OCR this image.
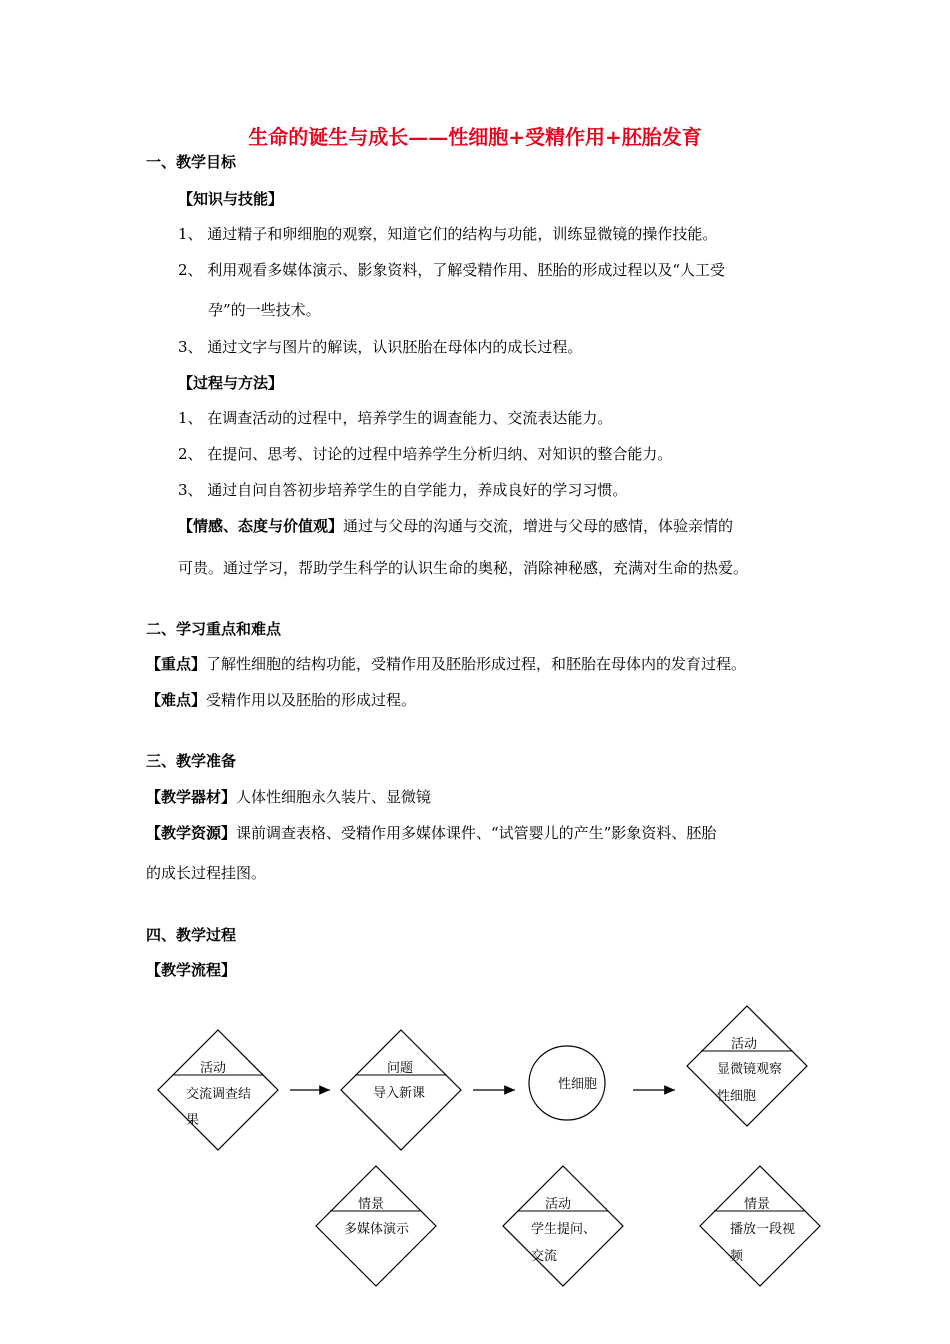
生命的诞生与成长——性细胞+受精作用+胚胎发育
一、教学目标
【知识与技能】
1、 通过精子和卵细胞的观察，知道它们的结构与功能，训练显微镜的操作技能。
2、 利用观看多媒体演示、影象资料，了解受精作用、胚胎的形成过程以及“人工受
孕”的一些技术。
3、 通过文字与图片的解读，认识胚胎在母体内的成长过程。
【过程与方法】
1、 在调查活动的过程中，培养学生的调查能力、交流表达能力。
2、 在提问、思考、讨论的过程中培养学生分析归纳、对知识的整合能力。
3、 通过自问自答初步培养学生的自学能力，养成良好的学习习惯。
【情感、态度与价值观】通过与父母的沟通与交流，增进与父母的感情，体验亲情的
可贵。通过学习，帮助学生科学的认识生命的奥秘，消除神秘感，充满对生命的热爱。
二、学习重点和难点
【重点】了解性细胞的结构功能，受精作用及胚胎形成过程，和胚胎在母体内的发育过程。
【难点】受精作用以及胚胎的形成过程。
三、教学准备
【教学器材】人体性细胞永久装片、显微镜
【教学资源】课前调查表格、受精作用多媒体课件、“试管婴儿的产生”影象资料、胚胎
的成长过程挂图。
四、教学过程
【教学流程】
活动
交流调查结
果
问题
导入新课
性细胞
活动
显微镜观察
性细胞
情景
多媒体演示
活动
学生提问、
交流
情景
播放一段视
频
